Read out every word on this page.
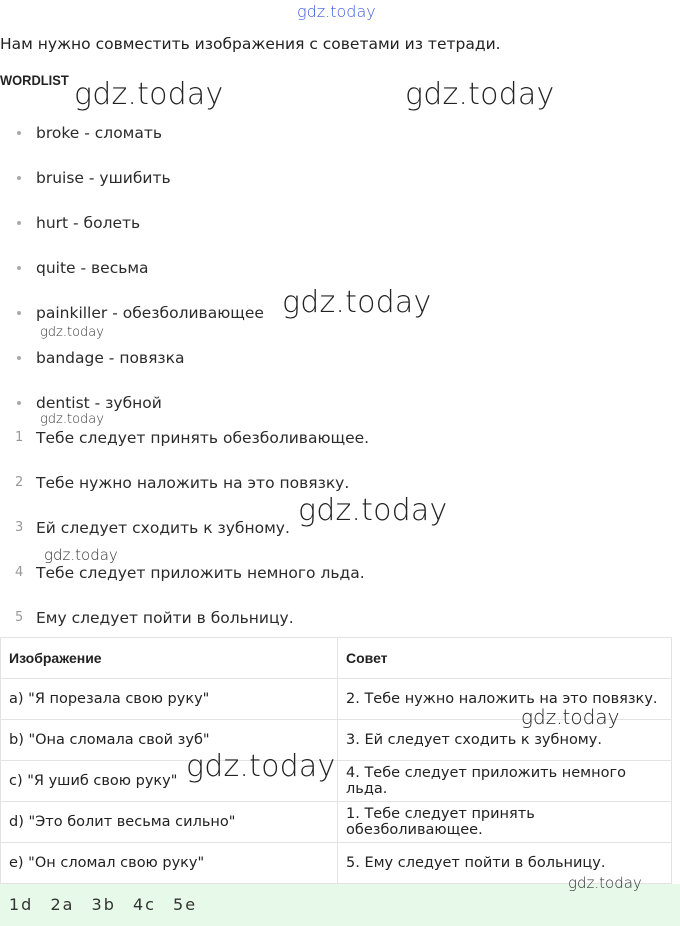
gdz.today
gdz.today	gdz.today
gdz.today
gdz.today
gdz.today
gdz.today
gdz.today
Нам нужно совместить изображения с советами из тетради.
WORDLIST
broke - сломать
bruise - ушибить
hurt - болеть
quite - весьма
painkiller - обезболивающее
bandage - повязка
dentist - зубной
1 Тебе следует принять обезболивающее.
2 Тебе нужно наложить на это повязку.
3 Ей следует сходить к зубному.
4 Тебе следует приложить немного льда.
5 Ему следует пойти в больницу.
Изображение	Совет
a) "Я порезала свою руку"	2. Тебе нужно наложить на это повязку.
b) "Она сломала свой зуб"	3. Ей следует сходить к зубному.
c) "Я ушиб свою руку"	4. Тебе следует приложить немного льда.
d) "Это болит весьма сильно"	1. Тебе следует принять обезболивающее.
e) "Он сломал свою руку"	5. Ему следует пойти в больницу.
gdz.today
gdz.today
1d 2a 3b 4c 5e
gdz.today
